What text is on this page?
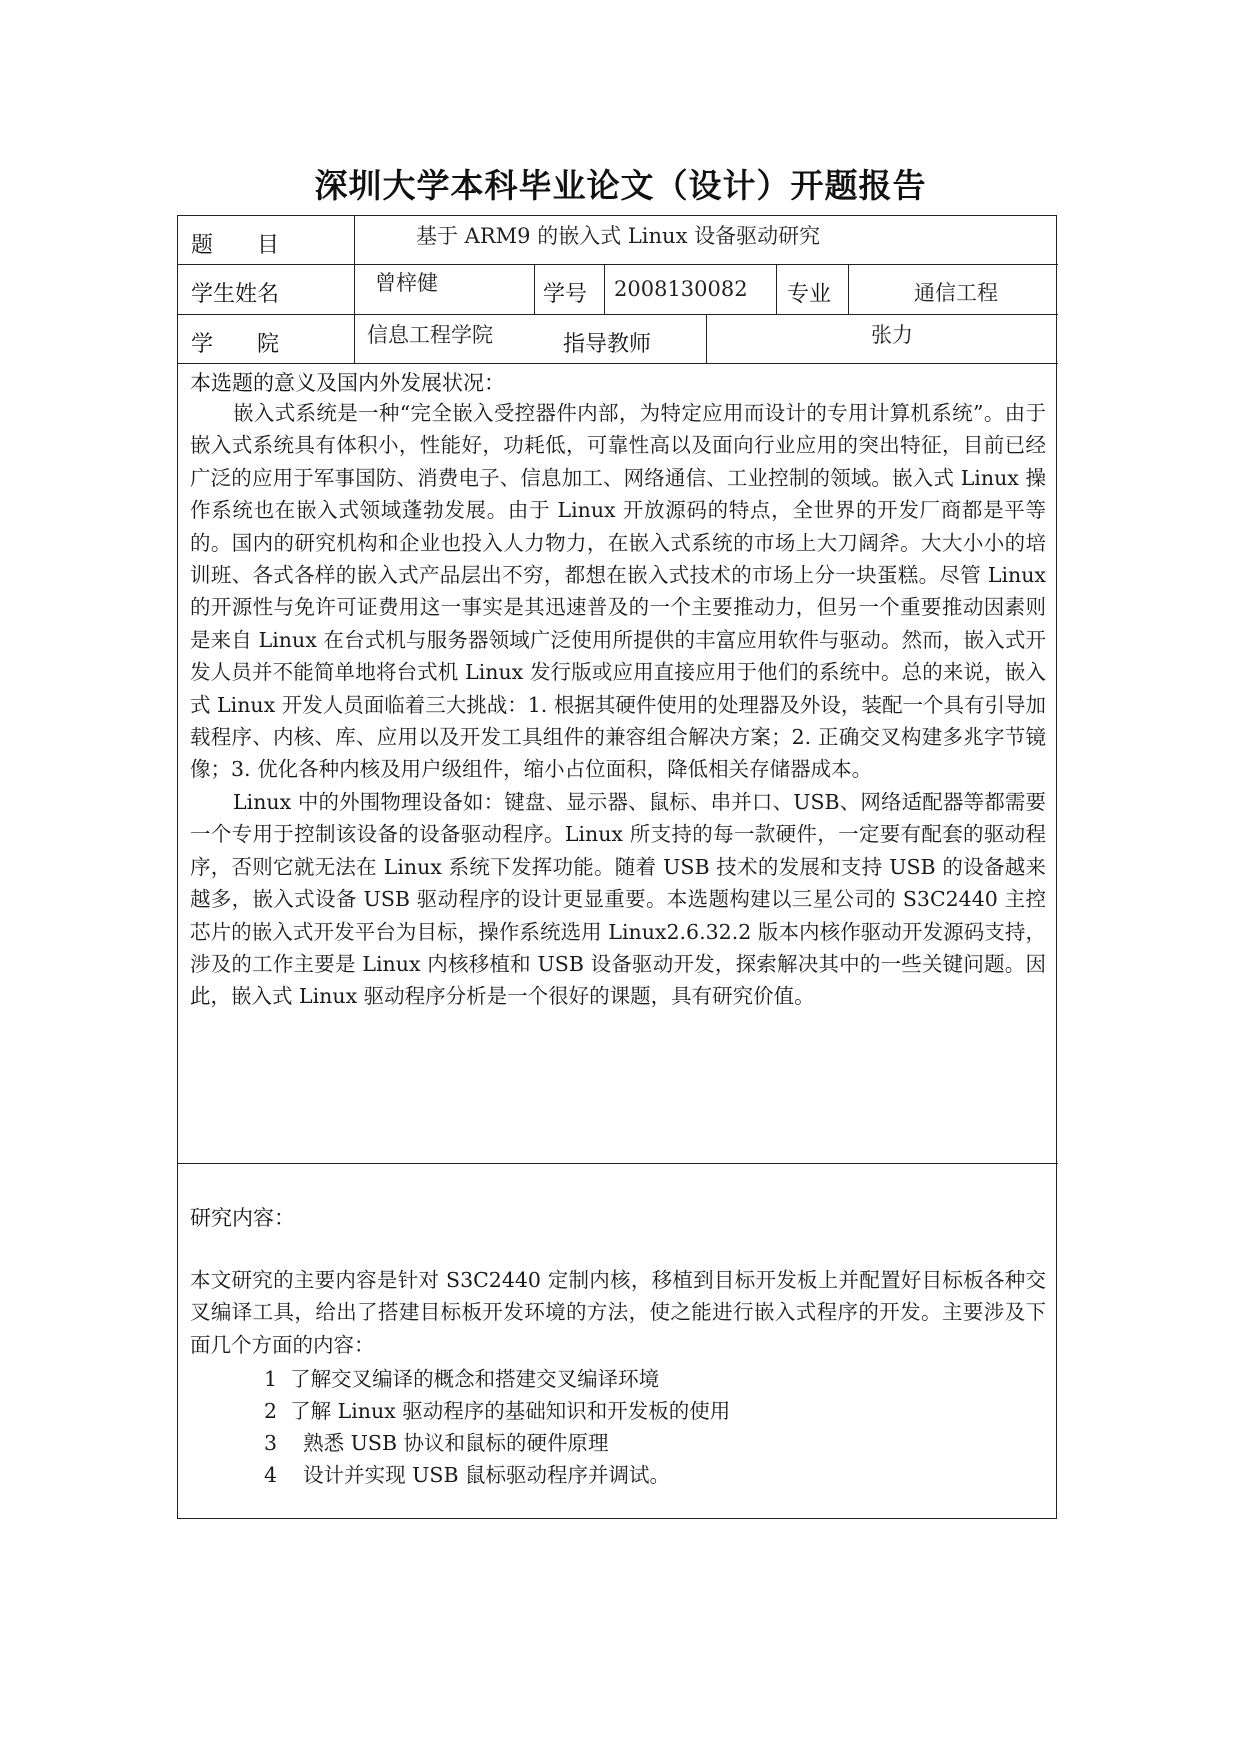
深圳大学本科毕业论文（设计）开题报告
题　　目	基于 ARM9 的嵌入式 Linux 设备驱动研究
学生姓名	曾梓健	学号 2008130082 专业	通信工程
学　　院	信息工程学院	指导教师	张力
本选题的意义及国内外发展状况：

嵌入式系统是一种“完全嵌入受控器件内部，为特定应用而设计的专用计算机系统”。由于嵌入式系统具有体积小，性能好，功耗低，可靠性高以及面向行业应用的突出特征，目前已经广泛的应用于军事国防、消费电子、信息加工、网络通信、工业控制的领域。嵌入式 Linux 操作系统也在嵌入式领域蓬勃发展。由于 Linux 开放源码的特点，全世界的开发厂商都是平等的。国内的研究机构和企业也投入人力物力，在嵌入式系统的市场上大刀阔斧。大大小小的培训班、各式各样的嵌入式产品层出不穷，都想在嵌入式技术的市场上分一块蛋糕。尽管 Linux 的开源性与免许可证费用这一事实是其迅速普及的一个主要推动力，但另一个重要推动因素则是来自 Linux 在台式机与服务器领域广泛使用所提供的丰富应用软件与驱动。然而，嵌入式开发人员并不能简单地将台式机 Linux 发行版或应用直接应用于他们的系统中。总的来说，嵌入式 Linux 开发人员面临着三大挑战：1. 根据其硬件使用的处理器及外设，装配一个具有引导加载程序、内核、库、应用以及开发工具组件的兼容组合解决方案；2. 正确交叉构建多兆字节镜像；3. 优化各种内核及用户级组件，缩小占位面积，降低相关存储器成本。

Linux 中的外围物理设备如：键盘、显示器、鼠标、串并口、USB、网络适配器等都需要一个专用于控制该设备的设备驱动程序。Linux 所支持的每一款硬件，一定要有配套的驱动程序，否则它就无法在 Linux 系统下发挥功能。随着 USB 技术的发展和支持 USB 的设备越来越多，嵌入式设备 USB 驱动程序的设计更显重要。本选题构建以三星公司的 S3C2440 主控芯片的嵌入式开发平台为目标，操作系统选用 Linux2.6.32.2 版本内核作驱动开发源码支持，涉及的工作主要是 Linux 内核移植和 USB 设备驱动开发，探索解决其中的一些关键问题。因此，嵌入式 Linux 驱动程序分析是一个很好的课题，具有研究价值。

研究内容：
本文研究的主要内容是针对 S3C2440 定制内核，移植到目标开发板上并配置好目标板各种交叉编译工具，给出了搭建目标板开发环境的方法，使之能进行嵌入式程序的开发。主要涉及下面几个方面的内容：
1  了解交叉编译的概念和搭建交叉编译环境
2  了解 Linux 驱动程序的基础知识和开发板的使用
3    熟悉 USB 协议和鼠标的硬件原理
4    设计并实现 USB 鼠标驱动程序并调试。
